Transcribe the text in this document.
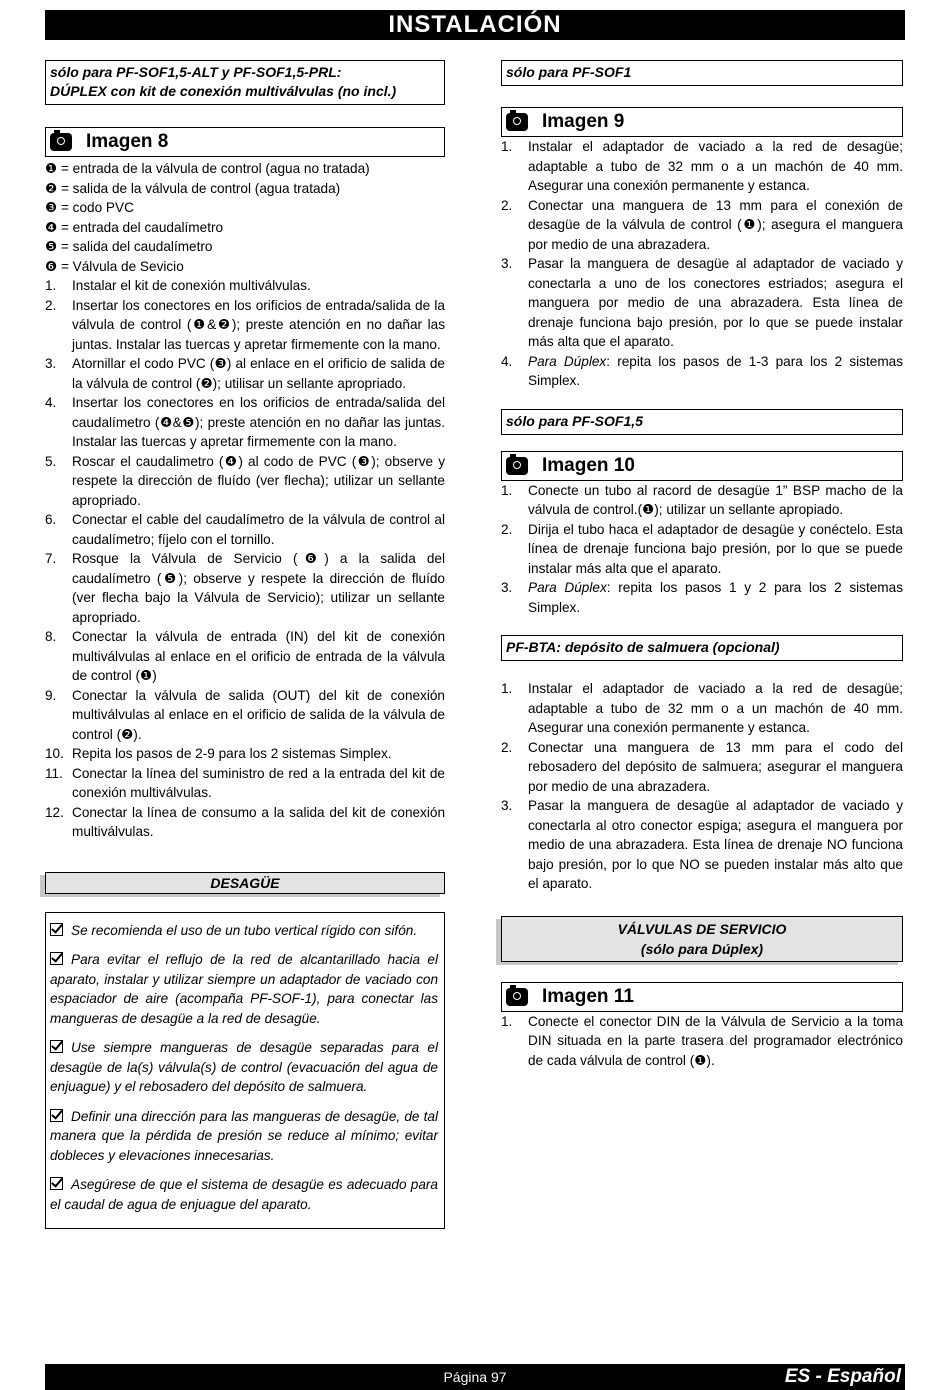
INSTALACIÓN
sólo para PF-SOF1,5-ALT y PF-SOF1,5-PRL:
DÚPLEX con kit de conexión multiválvulas (no incl.)
Imagen 8
❶ = entrada de la válvula de control (agua no tratada)
❷ = salida de la válvula de control (agua tratada)
❸ = codo PVC
❹ = entrada del caudalímetro
❺ = salida del caudalímetro
❻ = Válvula de Sevicio
1.	Instalar el kit de conexión multiválvulas.
2.	Insertar los conectores en los orificios de entrada/salida de la válvula de control (❶&❷); preste atención en no dañar las juntas. Instalar las tuercas y apretar firmemente con la mano.
3.	Atornillar el codo PVC (❸) al enlace en el orificio de salida de la válvula de control (❷); utilisar un sellante apropriado.
4.	Insertar los conectores en los orificios de entrada/salida del caudalímetro (❹&❺); preste atención en no dañar las juntas. Instalar las tuercas y apretar firmemente con la mano.
5.	Roscar el caudalimetro (❹) al codo de PVC (❸); observe y respete la dirección de fluído (ver flecha); utilizar un sellante apropriado.
6.	Conectar el cable del caudalímetro de la válvula de control al caudalímetro; fíjelo con el tornillo.
7.	Rosque la Válvula de Servicio (❻) a la salida del caudalímetro (❺); observe y respete la dirección de fluído (ver flecha bajo la Válvula de Servicio); utilizar un sellante apropriado.
8.	Conectar la válvula de entrada (IN) del kit de conexión multiválvulas al enlace en el orificio de entrada de la válvula de control (❶)
9.	Conectar la válvula de salida (OUT) del kit de conexión multiválvulas al enlace en el orificio de salida de la válvula de control (❷).
10. Repita los pasos de 2-9 para los 2 sistemas Simplex.
11. Conectar la línea del suministro de red a la entrada del kit de conexión multiválvulas.
12. Conectar la línea de consumo a la salida del kit de conexión multiválvulas.
DESAGÜE
Se recomienda el uso de un tubo vertical rígido con sifón.
Para evitar el reflujo de la red de alcantarillado hacia el aparato, instalar y utilizar siempre un adaptador de vaciado con espaciador de aire (acompaña PF-SOF-1), para conectar las mangueras de desagüe a la red de desagüe.
Use siempre mangueras de desagüe separadas para el desagüe de la(s) válvula(s) de control (evacuación del agua de enjuague) y el rebosadero del depósito de salmuera.
Definir una dirección para las mangueras de desagüe, de tal manera que la pérdida de presión se reduce al mínimo; evitar dobleces y elevaciones innecesarias.
Asegúrese de que el sistema de desagüe es adecuado para el caudal de agua de enjuague del aparato.
sólo para PF-SOF1
Imagen 9
1.	Instalar el adaptador de vaciado a la red de desagüe; adaptable a tubo de 32 mm o a un machón de 40 mm. Asegurar una conexión permanente y estanca.
2.	Conectar una manguera de 13 mm para el conexión de desagüe de la válvula de control (❶); asegura el manguera por medio de una abrazadera.
3.	Pasar la manguera de desagüe al adaptador de vaciado y conectarla a uno de los conectores estriados; asegura el manguera por medio de una abrazadera. Esta línea de drenaje funciona bajo presión, por lo que se puede instalar más alta que el aparato.
4.	Para Dúplex: repita los pasos de 1-3 para los 2 sistemas Simplex.
sólo para PF-SOF1,5
Imagen 10
1.	Conecte un tubo al racord de desagüe 1” BSP macho de la válvula de control.(❶); utilizar un sellante apropiado.
2.	Dirija el tubo haca el adaptador de desagüe y conéctelo. Esta línea de drenaje funciona bajo presión, por lo que se puede instalar más alta que el aparato.
3.	Para Dúplex: repita los pasos 1 y 2 para los 2 sistemas Simplex.
PF-BTA: depósito de salmuera (opcional)
1.	Instalar el adaptador de vaciado a la red de desagüe; adaptable a tubo de 32 mm o a un machón de 40 mm. Asegurar una conexión permanente y estanca.
2.	Conectar una manguera de 13 mm para el codo del rebosadero del depósito de salmuera; asegurar el manguera por medio de una abrazadera.
3.	Pasar la manguera de desagüe al adaptador de vaciado y conectarla al otro conector espiga; asegura el manguera por medio de una abrazadera. Esta línea de drenaje NO funciona bajo presión, por lo que NO se pueden instalar más alto que el aparato.
VÁLVULAS DE SERVICIO
(sólo para Dúplex)
Imagen 11
1.	Conecte el conector DIN de la Válvula de Servicio a la toma DIN situada en la parte trasera del programador electrónico de cada válvula de control (❶).
Página 97	ES - Español
